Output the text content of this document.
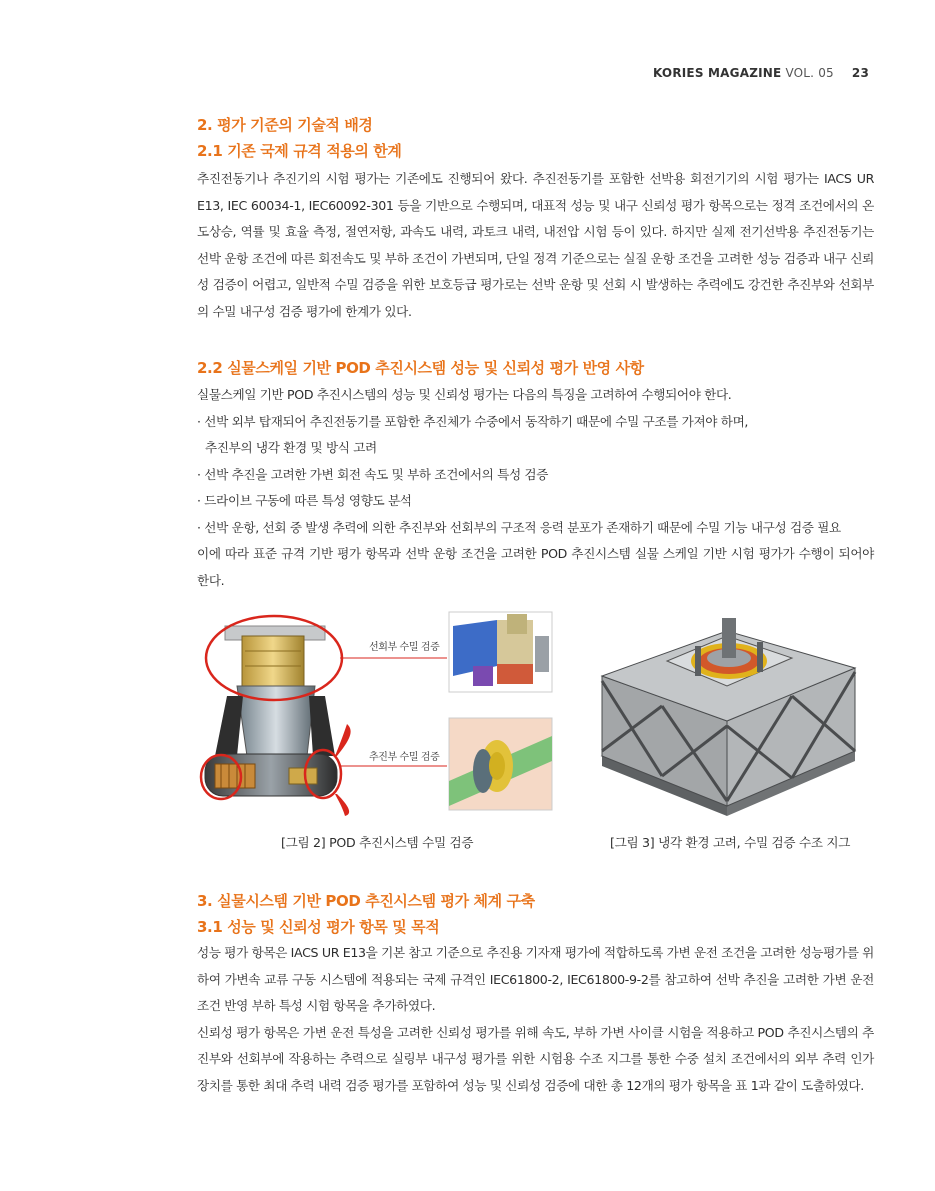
KORIES MAGAZINE VOL. 05 23
2. 평가 기준의 기술적 배경
2.1 기존 국제 규격 적용의 한계

추진전동기나 추진기의 시험 평가는 기존에도 진행되어 왔다. 추진전동기를 포함한 선박용 회전기기의 시험 평가는 IACS UR E13, IEC 60034-1, IEC60092-301 등을 기반으로 수행되며, 대표적 성능 및 내구 신뢰성 평가 항목으로는 정격 조건에서의 온도상승, 역률 및 효율 측정, 절연저항, 과속도 내력, 과토크 내력, 내전압 시험 등이 있다. 하지만 실제 전기선박용 추진전동기는 선박 운항 조건에 따른 회전속도 및 부하 조건이 가변되며, 단일 정격 기준으로는 실질 운항 조건을 고려한 성능 검증과 내구 신뢰성 검증이 어렵고, 일반적 수밀 검증을 위한 보호등급 평가로는 선박 운항 및 선회 시 발생하는 추력에도 강건한 추진부와 선회부의 수밀 내구성 검증 평가에 한계가 있다.

2.2 실물스케일 기반 POD 추진시스템 성능 및 신뢰성 평가 반영 사항

실물스케일 기반 POD 추진시스템의 성능 및 신뢰성 평가는 다음의 특징을 고려하여 수행되어야 한다.

· 선박 외부 탑재되어 추진전동기를 포함한 추진체가 수중에서 동작하기 때문에 수밀 구조를 가져야 하며,

추진부의 냉각 환경 및 방식 고려

· 선박 추진을 고려한 가변 회전 속도 및 부하 조건에서의 특성 검증

· 드라이브 구동에 따른 특성 영향도 분석

· 선박 운항, 선회 중 발생 추력에 의한 추진부와 선회부의 구조적 응력 분포가 존재하기 때문에 수밀 기능 내구성 검증 필요

이에 따라 표준 규격 기반 평가 항목과 선박 운항 조건을 고려한 POD 추진시스템 실물 스케일 기반 시험 평가가 수행이 되어야 한다.

선회부 수밀 검증
추진부 수밀 검증
[그림 2] POD 추진시스템 수밀 검증	[그림 3] 냉각 환경 고려, 수밀 검증 수조 지그
3. 실물시스템 기반 POD 추진시스템 평가 체계 구축
3.1 성능 및 신뢰성 평가 항목 및 목적

성능 평가 항목은 IACS UR E13을 기본 참고 기준으로 추진용 기자재 평가에 적합하도록 가변 운전 조건을 고려한 성능평가를 위하여 가변속 교류 구동 시스템에 적용되는 국제 규격인 IEC61800-2, IEC61800-9-2를 참고하여 선박 추진을 고려한 가변 운전 조건 반영 부하 특성 시험 항목을 추가하였다.

신뢰성 평가 항목은 가변 운전 특성을 고려한 신뢰성 평가를 위해 속도, 부하 가변 사이클 시험을 적용하고 POD 추진시스템의 추진부와 선회부에 작용하는 추력으로 실링부 내구성 평가를 위한 시험용 수조 지그를 통한 수중 설치 조건에서의 외부 추력 인가 장치를 통한 최대 추력 내력 검증 평가를 포함하여 성능 및 신뢰성 검증에 대한 총 12개의 평가 항목을 표 1과 같이 도출하였다.
